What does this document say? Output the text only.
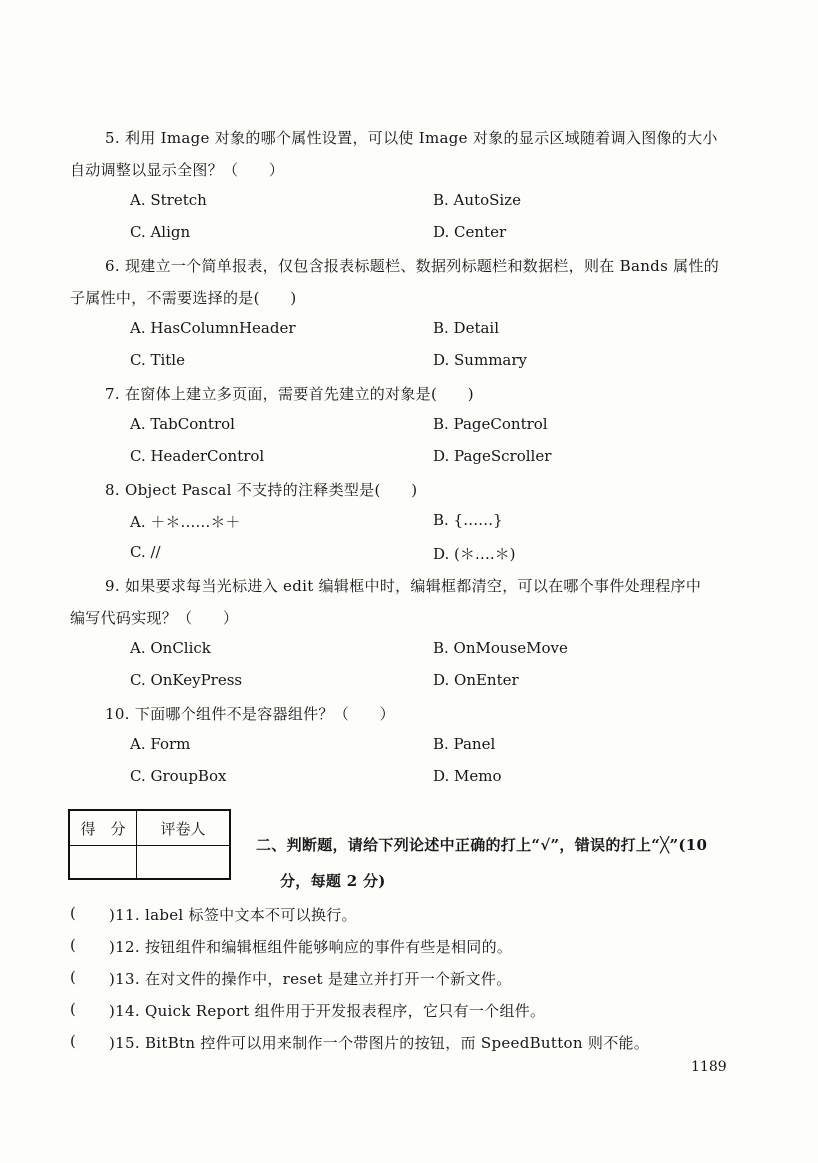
5. 利用 Image 对象的哪个属性设置，可以使 Image 对象的显示区域随着调入图像的大小
自动调整以显示全图？（　　）
A. Stretch	B. AutoSize
C. Align	D. Center
6. 现建立一个简单报表，仅包含报表标题栏、数据列标题栏和数据栏，则在 Bands 属性的
子属性中，不需要选择的是(　　)
A. HasColumnHeader	B. Detail
C. Title	D. Summary
7. 在窗体上建立多页面，需要首先建立的对象是(　　)
A. TabControl	B. PageControl
C. HeaderControl	D. PageScroller
8. Object Pascal 不支持的注释类型是(　　)
A. ＋＊……＊＋	B. {……}
C. //	D. (＊….＊)
9. 如果要求每当光标进入 edit 编辑框中时，编辑框都清空，可以在哪个事件处理程序中
编写代码实现？（　　）
A. OnClick	B. OnMouseMove
C. OnKeyPress	D. OnEnter
10. 下面哪个组件不是容器组件？（　　）
A. Form	B. Panel
C. GroupBox	D. Memo
得　分	评卷人

二、判断题，请给下列论述中正确的打上“√”，错误的打上“╳”(10
分，每题 2 分)
( )11. label 标签中文本不可以换行。
( )12. 按钮组件和编辑框组件能够响应的事件有些是相同的。
( )13. 在对文件的操作中，reset 是建立并打开一个新文件。
( )14. Quick Report 组件用于开发报表程序，它只有一个组件。
( )15. BitBtn 控件可以用来制作一个带图片的按钮，而 SpeedButton 则不能。
1189
